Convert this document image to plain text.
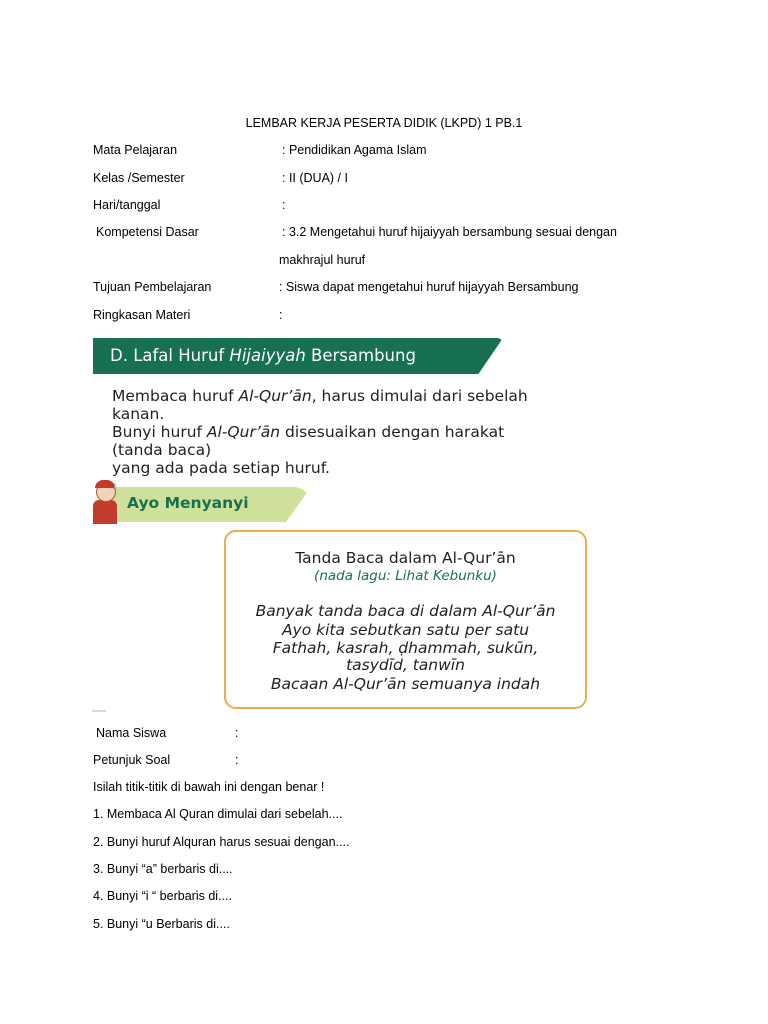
LEMBAR KERJA PESERTA DIDIK (LKPD) 1 PB.1
Mata Pelajaran	: Pendidikan Agama Islam
Kelas /Semester	: II (DUA) / I
Hari/tanggal	:
Kompetensi Dasar	: 3.2 Mengetahui huruf hijaiyyah bersambung sesuai dengan
makhrajul huruf
Tujuan Pembelajaran	: Siswa dapat mengetahui huruf hijayyah Bersambung
Ringkasan Materi	:
D. Lafal Huruf Hijaiyyah Bersambung
Membaca huruf Al-Qur’ān, harus dimulai dari sebelah
kanan.
Bunyi huruf Al-Qur’ān disesuaikan dengan harakat
(tanda baca)
yang ada pada setiap huruf.
♪
Ayo Menyanyi
Tanda Baca dalam Al-Qur’ān
(nada lagu: Lihat Kebunku)
Banyak tanda baca di dalam Al-Qur’ān
Ayo kita sebutkan satu per satu
Fathah, kasrah, ḍhammah, sukūn,
tasydīd, tanwīn
Bacaan Al-Qur’ān semuanya indah
Nama Siswa	:
Petunjuk Soal	:
Isilah titik-titik di bawah ini dengan benar !
1. Membaca Al Quran dimulai dari sebelah....
2. Bunyi huruf Alquran harus sesuai dengan....
3. Bunyi “a” berbaris di....
4. Bunyi “i “ berbaris di....
5. Bunyi “u Berbaris di....
